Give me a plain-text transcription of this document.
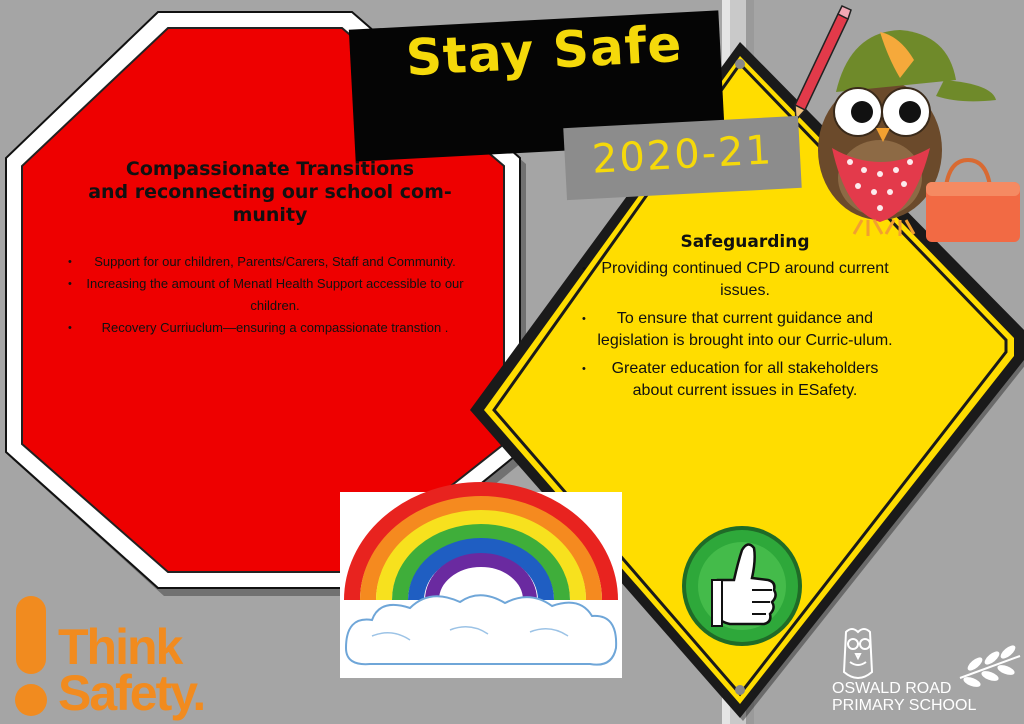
Stay Safe
2020-21

Compassionate Transitions

and reconnecting our school com-

munity

• Support for our children, Parents/Carers, Staff and Community.
• Increasing the amount of Menatl Health Support accessible to our children.
• Recovery Curriuclum—ensuring a compassionate transtion .

Safeguarding

• Providing continued CPD around current issues.
• To ensure that current guidance and legislation is brought into our Curric-ulum.
• Greater education for all stakeholders about current issues in ESafety.
Think
Safety.	OSWALD ROAD
PRIMARY SCHOOL
